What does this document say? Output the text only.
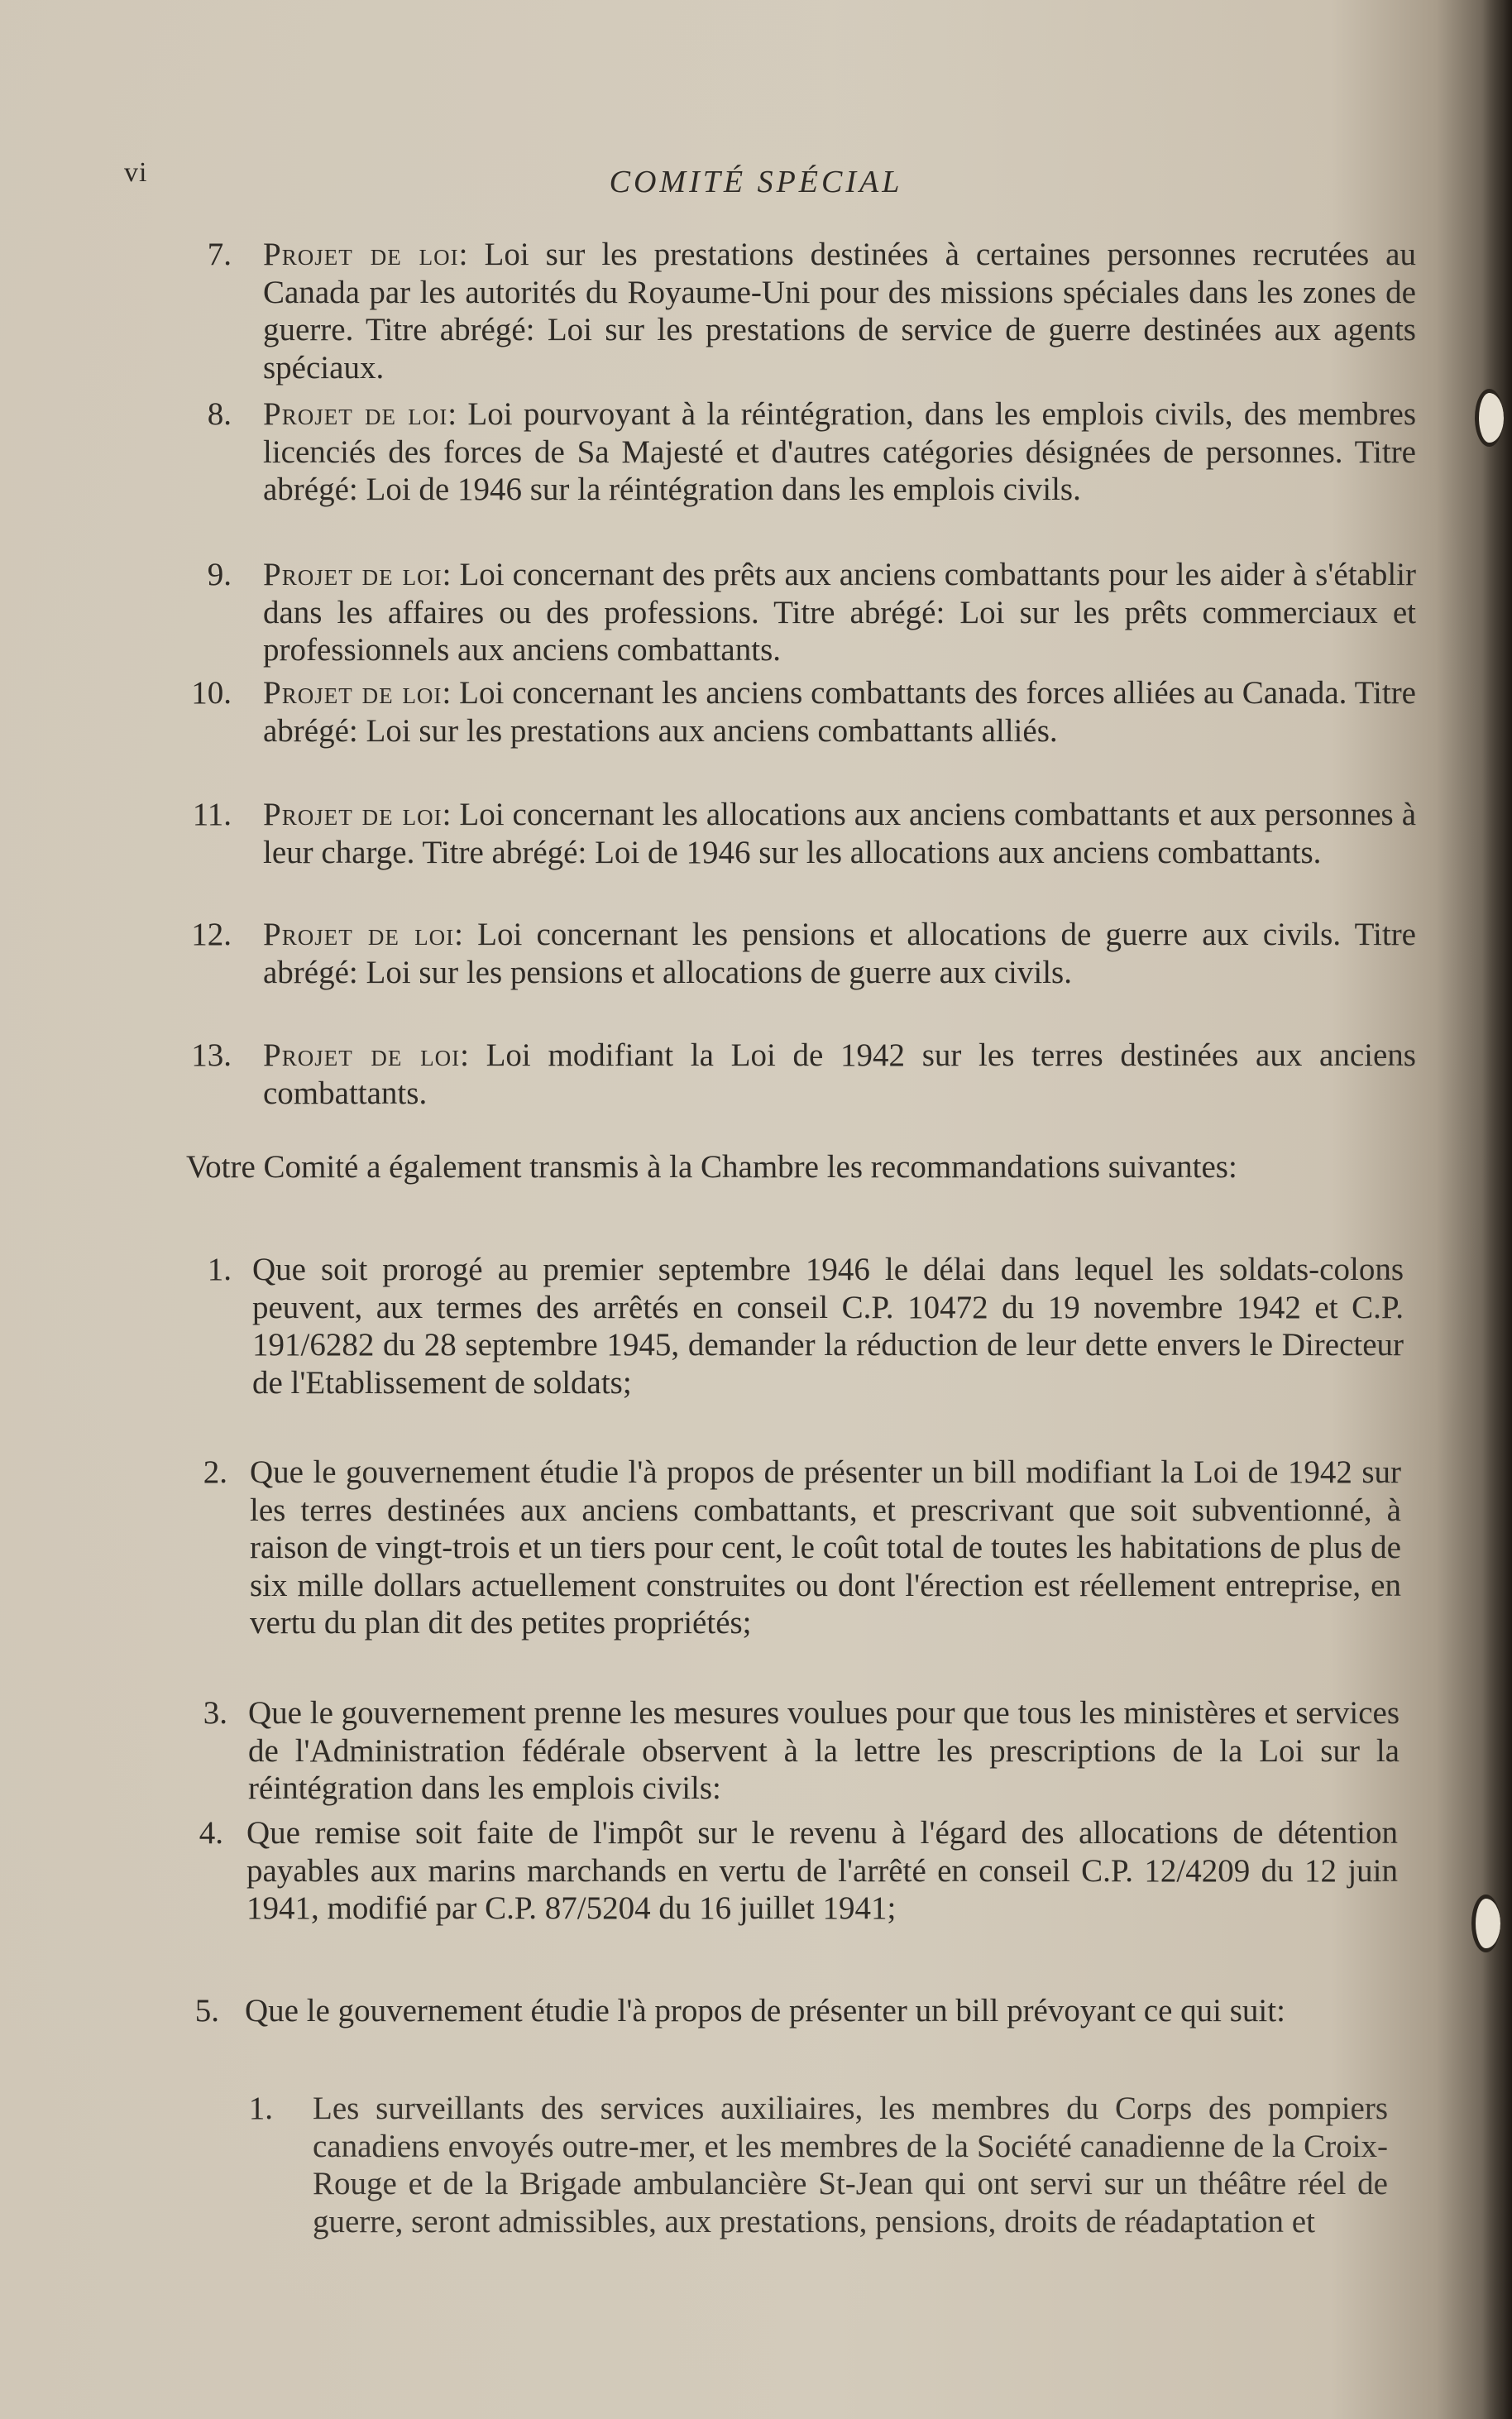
vi	COMITÉ SPÉCIAL
7. Projet de loi: Loi sur les prestations destinées à certaines personnes recrutées au Canada par les autorités du Royaume-Uni pour des missions spéciales dans les zones de guerre. Titre abrégé: Loi sur les prestations de service de guerre destinées aux agents spéciaux.
8. Projet de loi: Loi pourvoyant à la réintégration, dans les emplois civils, des membres licenciés des forces de Sa Majesté et d'autres catégories désignées de personnes. Titre abrégé: Loi de 1946 sur la réintégration dans les emplois civils.
9. Projet de loi: Loi concernant des prêts aux anciens combattants pour les aider à s'établir dans les affaires ou des professions. Titre abrégé: Loi sur les prêts commerciaux et professionnels aux anciens combattants.
10. Projet de loi: Loi concernant les anciens combattants des forces alliées au Canada. Titre abrégé: Loi sur les prestations aux anciens combattants alliés.
11. Projet de loi: Loi concernant les allocations aux anciens combattants et aux personnes à leur charge. Titre abrégé: Loi de 1946 sur les allocations aux anciens combattants.
12. Projet de loi: Loi concernant les pensions et allocations de guerre aux civils. Titre abrégé: Loi sur les pensions et allocations de guerre aux civils.
13. Projet de loi: Loi modifiant la Loi de 1942 sur les terres destinées aux anciens combattants.
Votre Comité a également transmis à la Chambre les recommandations suivantes:
1. Que soit prorogé au premier septembre 1946 le délai dans lequel les soldats-colons peuvent, aux termes des arrêtés en conseil C.P. 10472 du 19 novembre 1942 et C.P. 191/6282 du 28 septembre 1945, demander la réduction de leur dette envers le Directeur de l'Etablissement de soldats;
2. Que le gouvernement étudie l'à propos de présenter un bill modifiant la Loi de 1942 sur les terres destinées aux anciens combattants, et prescrivant que soit subventionné, à raison de vingt-trois et un tiers pour cent, le coût total de toutes les habitations de plus de six mille dollars actuellement construites ou dont l'érection est réellement entreprise, en vertu du plan dit des petites propriétés;
3. Que le gouvernement prenne les mesures voulues pour que tous les ministères et services de l'Administration fédérale observent à la lettre les prescriptions de la Loi sur la réintégration dans les emplois civils:
4. Que remise soit faite de l'impôt sur le revenu à l'égard des allocations de détention payables aux marins marchands en vertu de l'arrêté en conseil C.P. 12/4209 du 12 juin 1941, modifié par C.P. 87/5204 du 16 juillet 1941;
5. Que le gouvernement étudie l'à propos de présenter un bill prévoyant ce qui suit:
1. Les surveillants des services auxiliaires, les membres du Corps des pompiers canadiens envoyés outre-mer, et les membres de la Société canadienne de la Croix-Rouge et de la Brigade ambulancière St-Jean qui ont servi sur un théâtre réel de guerre, seront admissibles, aux prestations, pensions, droits de réadaptation et
